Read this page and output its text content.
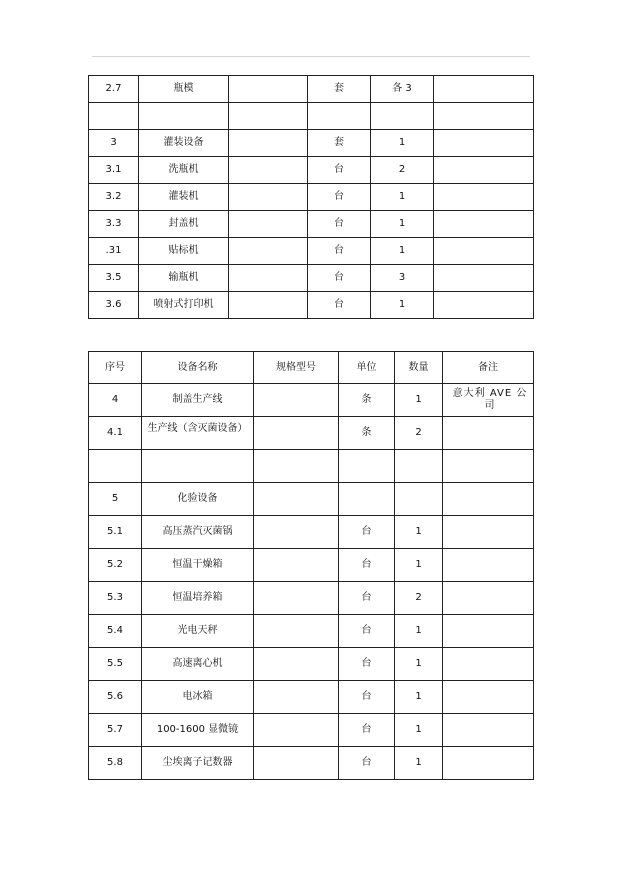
2.7	瓶模		套	各 3	

3	灌装设备		套	1	
3.1	洗瓶机		台	2	
3.2	灌装机		台	1	
3.3	封盖机		台	1	
.31	贴标机		台	1	
3.5	输瓶机		台	3	
3.6	喷射式打印机		台	1	
序号	设备名称	规格型号	单位	数量	备注
4	制盖生产线		条	1	意大利 AVE 公司
4.1	生产线（含灭菌设备）		条	2	

5	化验设备				
5.1	高压蒸汽灭菌锅		台	1	
5.2	恒温干燥箱		台	1	
5.3	恒温培养箱		台	2	
5.4	光电天秤		台	1	
5.5	高速离心机		台	1	
5.6	电冰箱		台	1	
5.7	100-1600 显微镜		台	1	
5.8	尘埃离子记数器		台	1	
